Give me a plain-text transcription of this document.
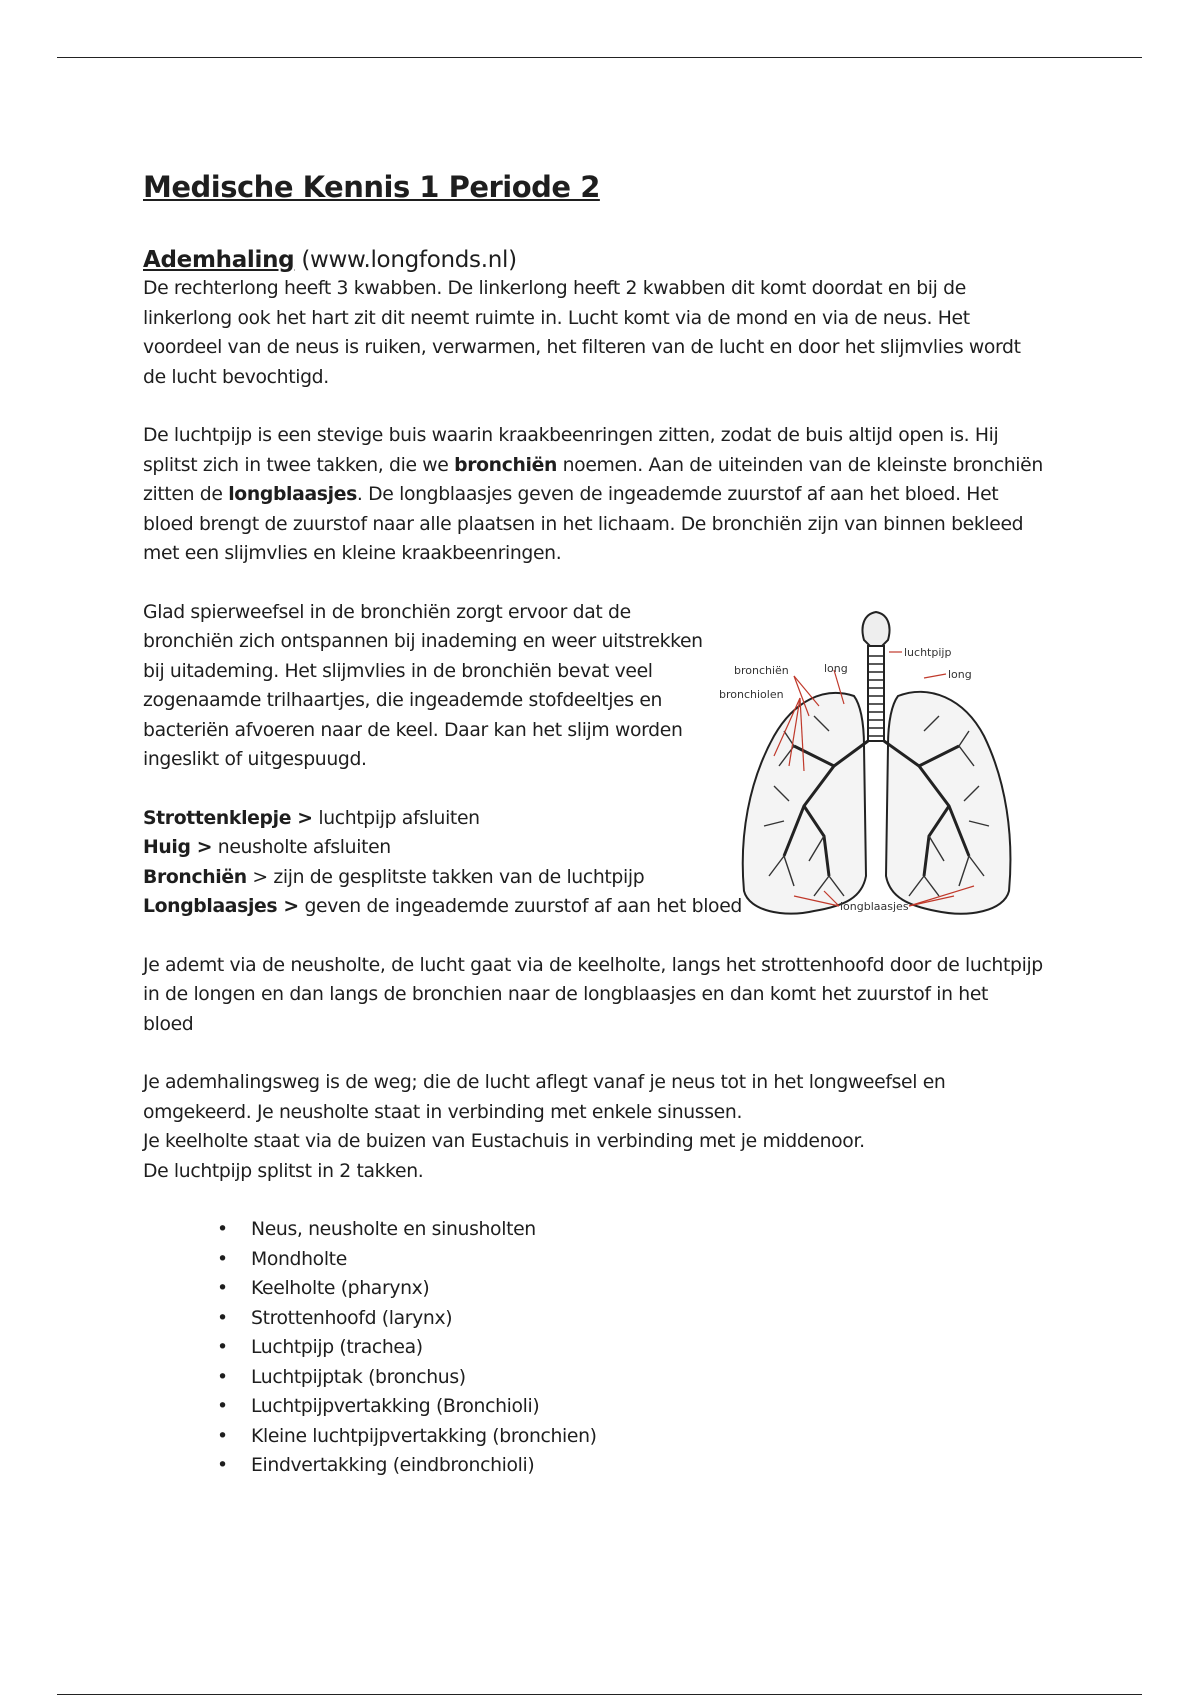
Medische Kennis 1 Periode 2
Ademhaling (www.longfonds.nl)

De rechterlong heeft 3 kwabben. De linkerlong heeft 2 kwabben dit komt doordat en bij de linkerlong ook het hart zit dit neemt ruimte in. Lucht komt via de mond en via de neus. Het voordeel van de neus is ruiken, verwarmen, het filteren van de lucht en door het slijmvlies wordt de lucht bevochtigd.

De luchtpijp is een stevige buis waarin kraakbeenringen zitten, zodat de buis altijd open is. Hij splitst zich in twee takken, die we bronchiën noemen. Aan de uiteinden van de kleinste bronchiën zitten de longblaasjes. De longblaasjes geven de ingeademde zuurstof af aan het bloed. Het bloed brengt de zuurstof naar alle plaatsen in het lichaam. De bronchiën zijn van binnen bekleed met een slijmvlies en kleine kraakbeenringen.

luchtpijp
long	long
bronchiën
bronchiolen
longblaasjes

Glad spierweefsel in de bronchiën zorgt ervoor dat de bronchiën zich ontspannen bij inademing en weer uitstrekken bij uitademing. Het slijmvlies in de bronchiën bevat veel zogenaamde trilhaartjes, die ingeademde stofdeeltjes en bacteriën afvoeren naar de keel. Daar kan het slijm worden ingeslikt of uitgespuugd.

Strottenklepje > luchtpijp afsluiten

Huig > neusholte afsluiten

Bronchiën > zijn de gesplitste takken van de luchtpijp

Longblaasjes > geven de ingeademde zuurstof af aan het bloed

Je ademt via de neusholte, de lucht gaat via de keelholte, langs het strottenhoofd door de luchtpijp in de longen en dan langs de bronchien naar de longblaasjes en dan komt het zuurstof in het bloed

Je ademhalingsweg is de weg; die de lucht aflegt vanaf je neus tot in het longweefsel en omgekeerd. Je neusholte staat in verbinding met enkele sinussen.

Je keelholte staat via de buizen van Eustachuis in verbinding met je middenoor.

De luchtpijp splitst in 2 takken.

• Neus, neusholte en sinusholten
• Mondholte
• Keelholte (pharynx)
• Strottenhoofd (larynx)
• Luchtpijp (trachea)
• Luchtpijptak (bronchus)
• Luchtpijpvertakking (Bronchioli)
• Kleine luchtpijpvertakking (bronchien)
• Eindvertakking (eindbronchioli)
